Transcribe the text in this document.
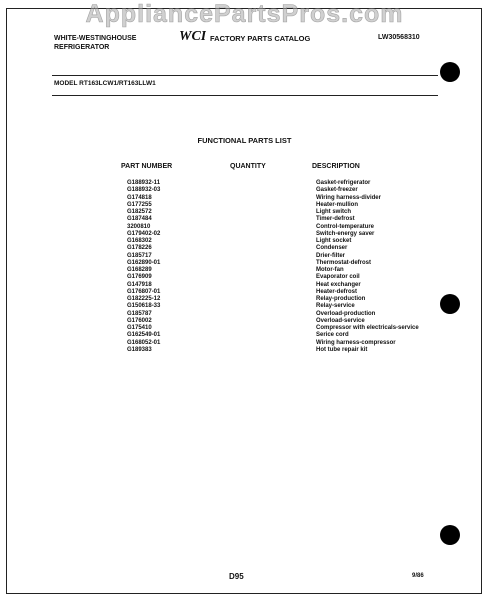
AppliancePartsPros.com
WHITE-WESTINGHOUSE
REFRIGERATOR
WCI FACTORY PARTS CATALOG	LW30568310
MODEL RT163LCW1/RT163LLW1
FUNCTIONAL PARTS LIST
PART NUMBER	QUANTITY	DESCRIPTION
G188932-11	Gasket-refrigerator
G188932-03	Gasket-freezer
G174818	Wiring harness-divider
G177255	Heater-mullion
G182572	Light switch
G187484	Timer-defrost
3200810	Control-temperature
G179402-02	Switch-energy saver
G168302	Light socket
G178226	Condenser
G185717	Drier-filter
G162890-01	Thermostat-defrost
G168289	Motor-fan
G176909	Evaporator coil
G147918	Heat exchanger
G176807-01	Heater-defrost
G182225-12	Relay-production
G150618-33	Relay-service
G185787	Overload-production
G176002	Overload-service
G175410	Compressor with electricals-service
G162549-01	Serice cord
G168052-01	Wiring harness-compressor
G189383	Hot tube repair kit
D95	9/86
